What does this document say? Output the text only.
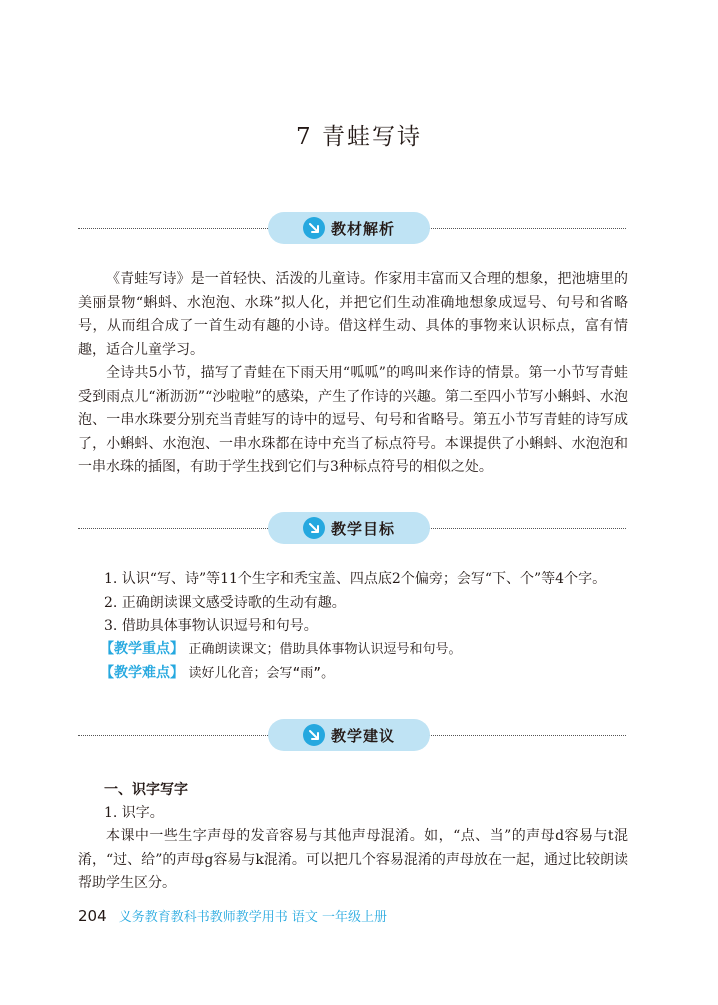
7 青蛙写诗
教材解析

《青蛙写诗》是一首轻快、活泼的儿童诗。作家用丰富而又合理的想象，把池塘里的美丽景物“蝌蚪、水泡泡、水珠”拟人化，并把它们生动准确地想象成逗号、句号和省略号，从而组合成了一首生动有趣的小诗。借这样生动、具体的事物来认识标点，富有情趣，适合儿童学习。

全诗共5小节，描写了青蛙在下雨天用“呱呱”的鸣叫来作诗的情景。第一小节写青蛙受到雨点儿“淅沥沥”“沙啦啦”的感染，产生了作诗的兴趣。第二至四小节写小蝌蚪、水泡泡、一串水珠要分别充当青蛙写的诗中的逗号、句号和省略号。第五小节写青蛙的诗写成了，小蝌蚪、水泡泡、一串水珠都在诗中充当了标点符号。本课提供了小蝌蚪、水泡泡和一串水珠的插图，有助于学生找到它们与3种标点符号的相似之处。

教学目标
1. 认识“写、诗”等11个生字和秃宝盖、四点底2个偏旁；会写“下、个”等4个字。
2. 正确朗读课文感受诗歌的生动有趣。
3. 借助具体事物认识逗号和句号。
【教学重点】 正确朗读课文；借助具体事物认识逗号和句号。
【教学难点】 读好儿化音；会写“雨”。
教学建议
一、识字写字
1. 识字。

本课中一些生字声母的发音容易与其他声母混淆。如，“点、当”的声母d容易与t混淆，“过、给”的声母g容易与k混淆。可以把几个容易混淆的声母放在一起，通过比较朗读帮助学生区分。

204 义务教育教科书教师教学用书 语文 一年级上册
